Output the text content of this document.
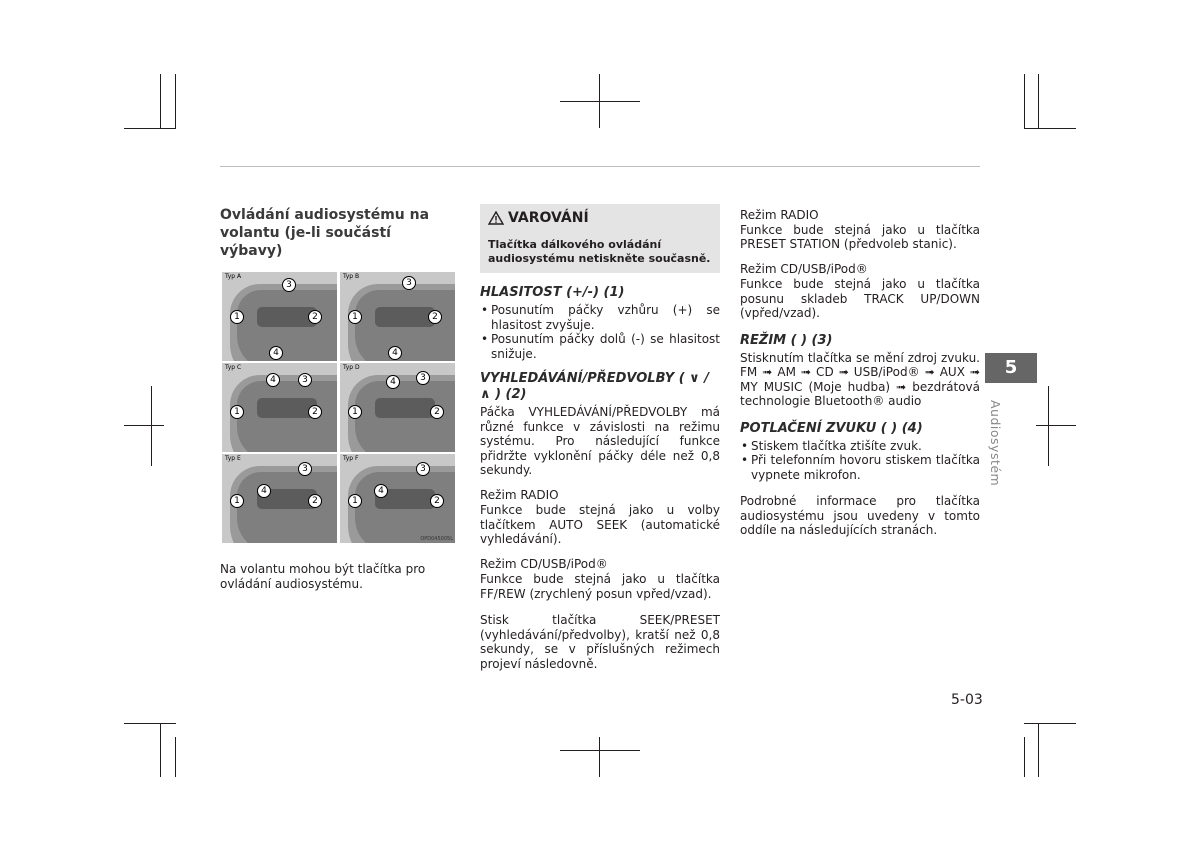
Ovládání audiosystému na volantu (je-li součástí výbavy)
Typ A
3
1	2
4
Typ B
3
1	2
4
Typ C
4	3
1	2
Typ D
4	3
1	2
Typ E
3
4
1	2
Typ F
3
4
1	2
OPD045005L

Na volantu mohou být tlačítka pro ovládání audiosystému.

VAROVÁNÍ
Tlačítka dálkového ovládání audiosystému netiskněte současně.
HLASITOST (+/-) (1)
• Posunutím páčky vzhůru (+) se hlasitost zvyšuje.
• Posunutím páčky dolů (-) se hlasitost snižuje.
VYHLEDÁVÁNÍ/PŘEDVOLBY ( ∨ / ∧ ) (2)

Páčka VYHLEDÁVÁNÍ/PŘEDVOLBY má různé funkce v závislosti na režimu systému. Pro následující funkce přidržte vyklonění páčky déle než 0,8 sekundy.

Režim RADIO

Funkce bude stejná jako u volby tlačítkem AUTO SEEK (automatické vyhledávání).

Režim CD/USB/iPod®

Funkce bude stejná jako u tlačítka FF/REW (zrychlený posun vpřed/vzad).

Stisk tlačítka SEEK/PRESET (vyhledávání/předvolby), kratší než 0,8 sekundy, se v příslušných režimech projeví následovně.

Režim RADIO

Funkce bude stejná jako u tlačítka PRESET STATION (předvoleb stanic).

Režim CD/USB/iPod®

Funkce bude stejná jako u tlačítka posunu skladeb TRACK UP/DOWN (vpřed/vzad).

REŽIM ( ) (3)

Stisknutím tlačítka se mění zdroj zvuku. FM ➟ AM ➟ CD ➟ USB/iPod® ➟ AUX ➟ MY MUSIC (Moje hudba) ➟ bezdrátová technologie Bluetooth® audio

POTLAČENÍ ZVUKU ( ) (4)
• Stiskem tlačítka ztišíte zvuk.
• Při telefonním hovoru stiskem tlačítka vypnete mikrofon.

Podrobné informace pro tlačítka audiosystému jsou uvedeny v tomto oddíle na následujících stranách.

5
Audiosystém
5-03
